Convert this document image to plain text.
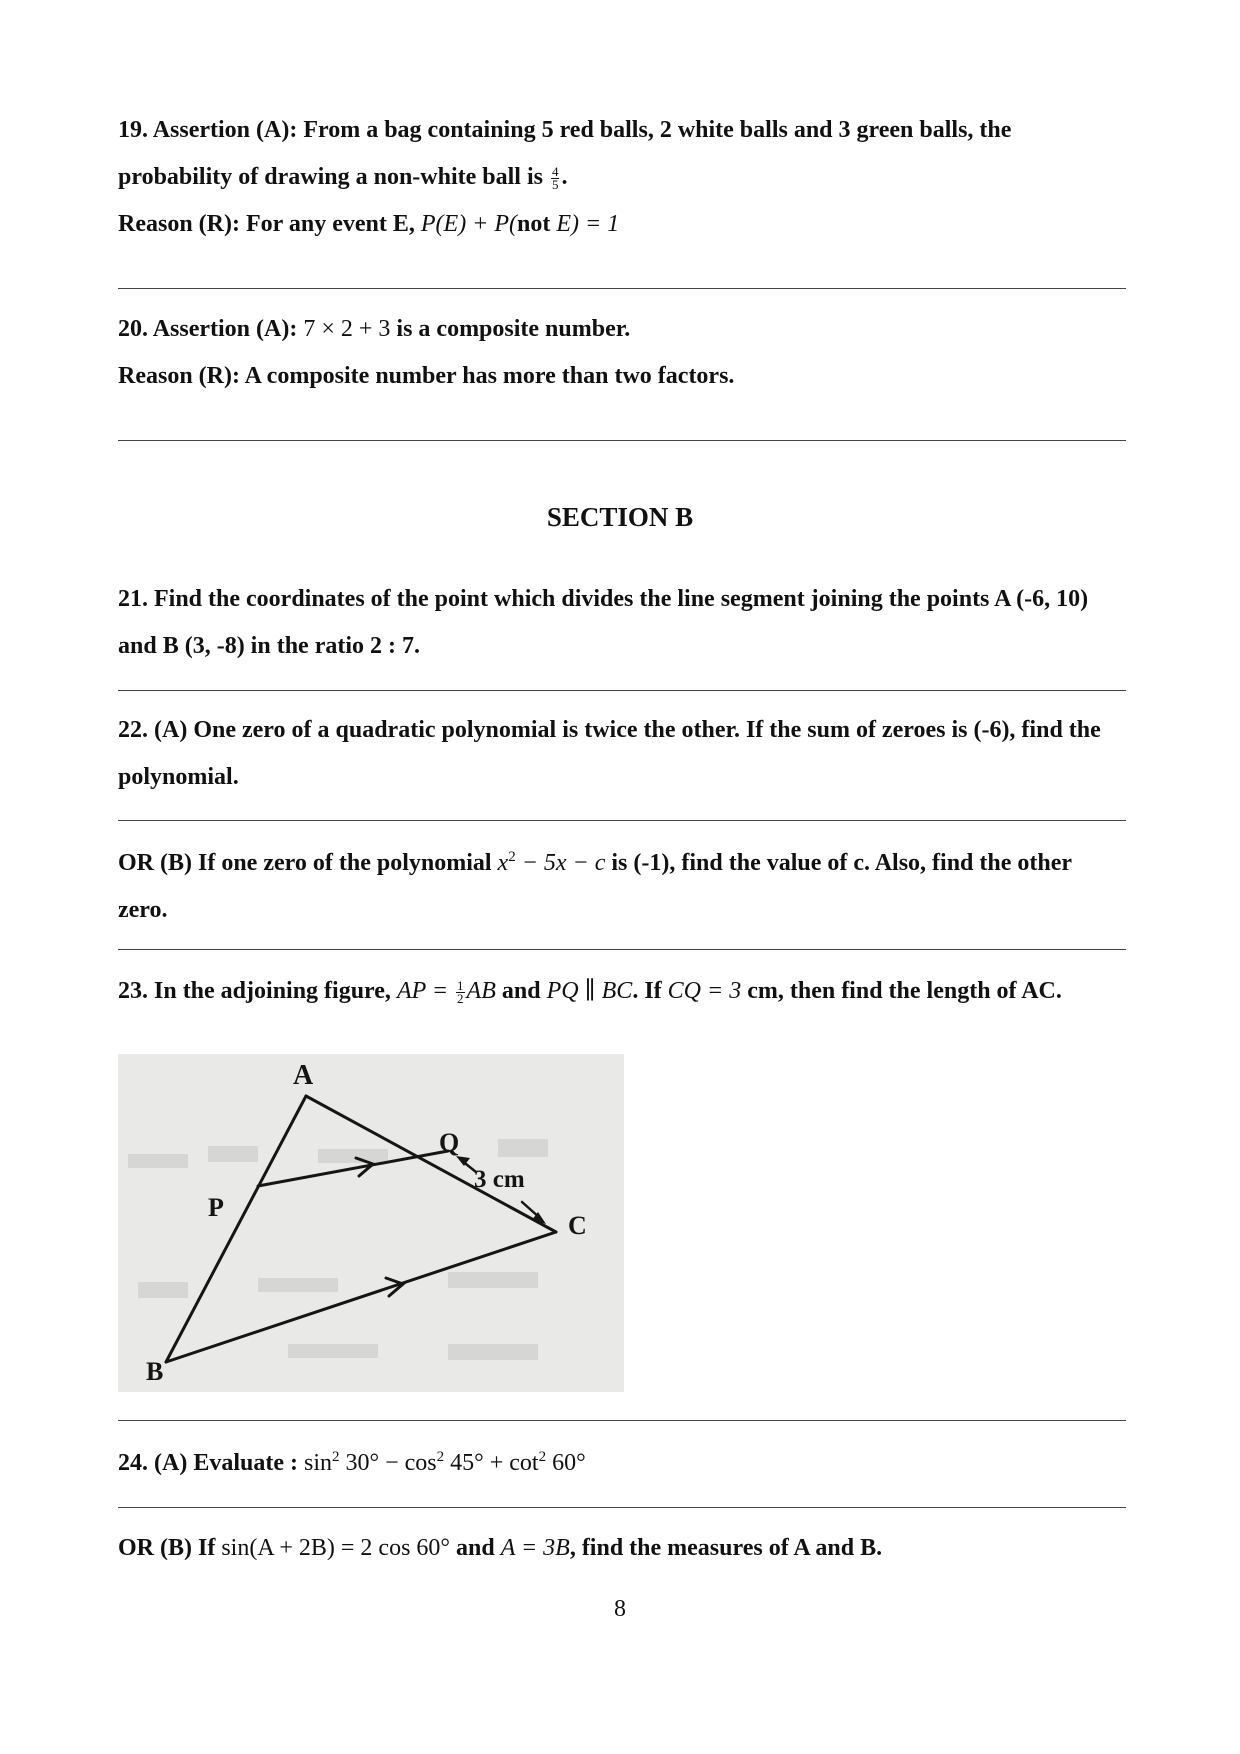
19. Assertion (A): From a bag containing 5 red balls, 2 white balls and 3 green balls, the probability of drawing a non-white ball is $\frac{4}{5}$ .
Reason (R): For any event E, P(E) + P(not E) = 1
20. Assertion (A): 7 × 2 + 3 is a composite number.
Reason (R): A composite number has more than two factors.
SECTION B
21. Find the coordinates of the point which divides the line segment joining the points A (-6, 10) and B (3, -8) in the ratio 2 : 7.
22. (A) One zero of a quadratic polynomial is twice the other. If the sum of zeroes is (-6), find the polynomial.
OR (B) If one zero of the polynomial $x^2 - 5x - c$ is (-1), find the value of c. Also, find the other zero.
23. In the adjoining figure, AP = $\frac{1}{2}$ AB and PQ ∥ BC. If CQ = 3 cm, then find the length of AC.
A
P
Q
C
B
3 cm
24. (A) Evaluate : $\sin^2 30^\circ - \cos^2 45^\circ + \cot^2 60^\circ$
OR (B) If sin(A + 2B) = 2 cos 60° and A = 3B, find the measures of A and B.
8
